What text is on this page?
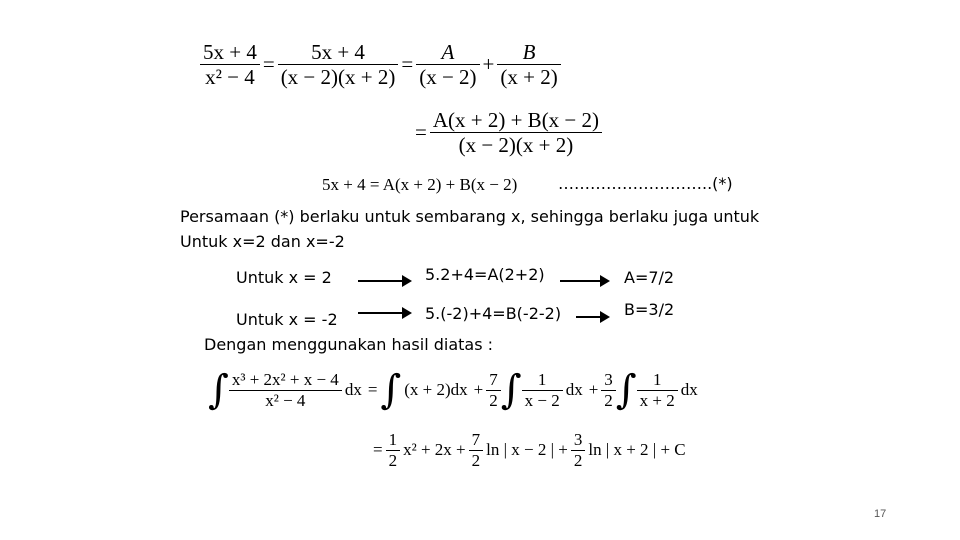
$\frac{5x + 4}{\text{x² − 4}} = \frac{5x + 4}{(x - 2)(x + 2)} = \frac{A}{(x - 2)} + \frac{B}{(x + 2)}$
= $\frac{A(x + 2) + B(x - 2)}{(x - 2)(x + 2)}$
5x + 4 = A(x + 2) + B(x − 2)	………………………..(*)
Persamaan (*) berlaku untuk sembarang x, sehingga berlaku juga untuk
Untuk x=2 dan x=-2
Untuk x = 2	5.2+4=A(2+2)	A=7/2
Untuk x = -2	5.(-2)+4=B(-2-2)	B=3/2
Dengan menggunakan hasil diatas :
∫ $\frac{\text{x³ + 2x² + x − 4}}{\text{x² − 4}}$ dx =∫ $(x + 2)dx + \frac{7}{2}$ ∫ $\frac{1}{x - 2}$ dx + $\frac{3}{2}$ ∫ $\frac{1}{x + 2}$ dx
= $\frac{1}{2} x^2 + 2x + \frac{7}{2}$ ln | x − 2 | + $\frac{3}{2}$ ln | x + 2 | + C
17
